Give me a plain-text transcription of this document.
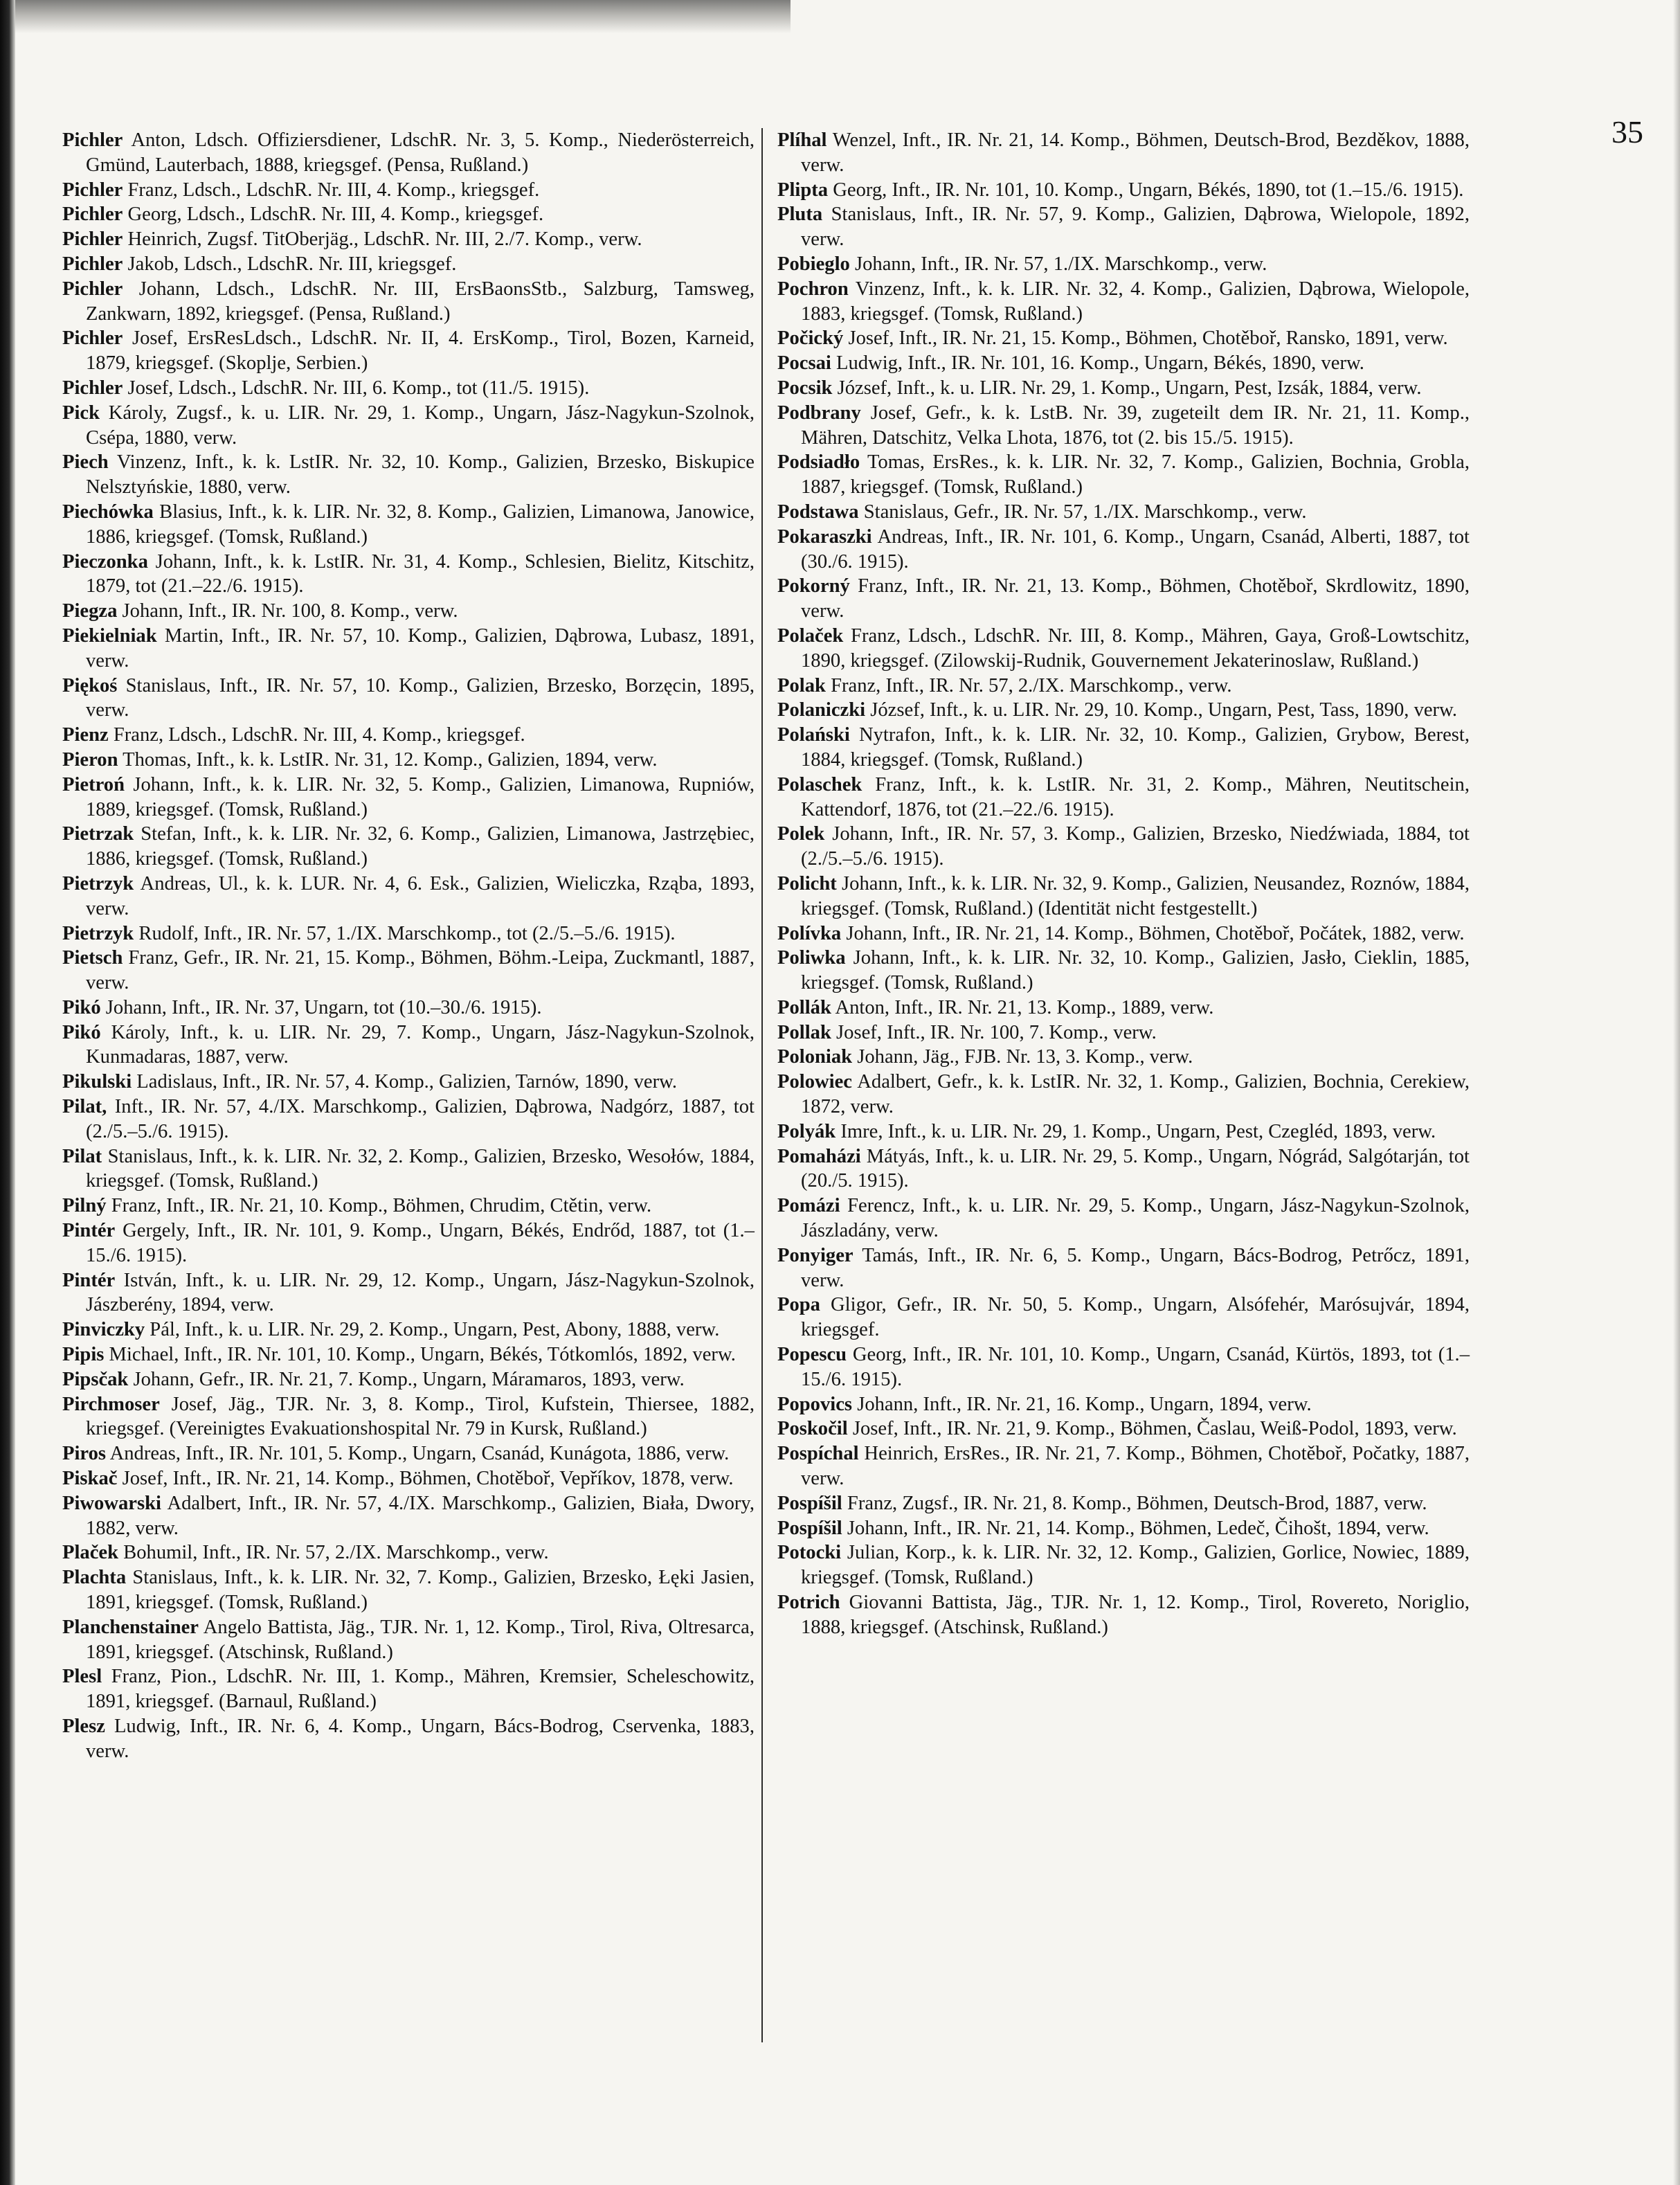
35
Pichler Anton, Ldsch. Offiziersdiener, LdschR. Nr. 3, 5. Komp., Niederösterreich, Gmünd, Lauterbach, 1888, kriegsgef. (Pensa, Rußland.)
Pichler Franz, Ldsch., LdschR. Nr. III, 4. Komp., kriegsgef.
Pichler Georg, Ldsch., LdschR. Nr. III, 4. Komp., kriegsgef.
Pichler Heinrich, Zugsf. TitOberjäg., LdschR. Nr. III, 2./7. Komp., verw.
Pichler Jakob, Ldsch., LdschR. Nr. III, kriegsgef.
Pichler Johann, Ldsch., LdschR. Nr. III, ErsBaonsStb., Salzburg, Tamsweg, Zankwarn, 1892, kriegsgef. (Pensa, Rußland.)
Pichler Josef, ErsResLdsch., LdschR. Nr. II, 4. ErsKomp., Tirol, Bozen, Karneid, 1879, kriegsgef. (Skoplje, Serbien.)
Pichler Josef, Ldsch., LdschR. Nr. III, 6. Komp., tot (11./5. 1915).
Pick Károly, Zugsf., k. u. LIR. Nr. 29, 1. Komp., Ungarn, Jász-Nagykun-Szolnok, Csépa, 1880, verw.
Piech Vinzenz, Inft., k. k. LstIR. Nr. 32, 10. Komp., Galizien, Brzesko, Biskupice Nelsztyńskie, 1880, verw.
Piechówka Blasius, Inft., k. k. LIR. Nr. 32, 8. Komp., Galizien, Limanowa, Janowice, 1886, kriegsgef. (Tomsk, Rußland.)
Pieczonka Johann, Inft., k. k. LstIR. Nr. 31, 4. Komp., Schlesien, Bielitz, Kitschitz, 1879, tot (21.–22./6. 1915).
Piegza Johann, Inft., IR. Nr. 100, 8. Komp., verw.
Piekielniak Martin, Inft., IR. Nr. 57, 10. Komp., Galizien, Dąbrowa, Lubasz, 1891, verw.
Piękoś Stanislaus, Inft., IR. Nr. 57, 10. Komp., Galizien, Brzesko, Borzęcin, 1895, verw.
Pienz Franz, Ldsch., LdschR. Nr. III, 4. Komp., kriegsgef.
Pieron Thomas, Inft., k. k. LstIR. Nr. 31, 12. Komp., Galizien, 1894, verw.
Pietroń Johann, Inft., k. k. LIR. Nr. 32, 5. Komp., Galizien, Limanowa, Rupniów, 1889, kriegsgef. (Tomsk, Rußland.)
Pietrzak Stefan, Inft., k. k. LIR. Nr. 32, 6. Komp., Galizien, Limanowa, Jastrzębiec, 1886, kriegsgef. (Tomsk, Rußland.)
Pietrzyk Andreas, Ul., k. k. LUR. Nr. 4, 6. Esk., Galizien, Wieliczka, Rząba, 1893, verw.
Pietrzyk Rudolf, Inft., IR. Nr. 57, 1./IX. Marschkomp., tot (2./5.–5./6. 1915).
Pietsch Franz, Gefr., IR. Nr. 21, 15. Komp., Böhmen, Böhm.-Leipa, Zuckmantl, 1887, verw.
Pikó Johann, Inft., IR. Nr. 37, Ungarn, tot (10.–30./6. 1915).
Pikó Károly, Inft., k. u. LIR. Nr. 29, 7. Komp., Ungarn, Jász-Nagykun-Szolnok, Kunmadaras, 1887, verw.
Pikulski Ladislaus, Inft., IR. Nr. 57, 4. Komp., Galizien, Tarnów, 1890, verw.
Pilat, Inft., IR. Nr. 57, 4./IX. Marschkomp., Galizien, Dąbrowa, Nadgórz, 1887, tot (2./5.–5./6. 1915).
Pilat Stanislaus, Inft., k. k. LIR. Nr. 32, 2. Komp., Galizien, Brzesko, Wesołów, 1884, kriegsgef. (Tomsk, Rußland.)
Pilný Franz, Inft., IR. Nr. 21, 10. Komp., Böhmen, Chrudim, Ctětin, verw.
Pintér Gergely, Inft., IR. Nr. 101, 9. Komp., Ungarn, Békés, Endrőd, 1887, tot (1.–15./6. 1915).
Pintér István, Inft., k. u. LIR. Nr. 29, 12. Komp., Ungarn, Jász-Nagykun-Szolnok, Jászberény, 1894, verw.
Pinviczky Pál, Inft., k. u. LIR. Nr. 29, 2. Komp., Ungarn, Pest, Abony, 1888, verw.
Pipis Michael, Inft., IR. Nr. 101, 10. Komp., Ungarn, Békés, Tótkomlós, 1892, verw.
Pipsčak Johann, Gefr., IR. Nr. 21, 7. Komp., Ungarn, Máramaros, 1893, verw.
Pirchmoser Josef, Jäg., TJR. Nr. 3, 8. Komp., Tirol, Kufstein, Thiersee, 1882, kriegsgef. (Vereinigtes Evakuationshospital Nr. 79 in Kursk, Rußland.)
Piros Andreas, Inft., IR. Nr. 101, 5. Komp., Ungarn, Csanád, Kunágota, 1886, verw.
Piskač Josef, Inft., IR. Nr. 21, 14. Komp., Böhmen, Chotěboř, Vepříkov, 1878, verw.
Piwowarski Adalbert, Inft., IR. Nr. 57, 4./IX. Marschkomp., Galizien, Biała, Dwory, 1882, verw.
Plaček Bohumil, Inft., IR. Nr. 57, 2./IX. Marschkomp., verw.
Plachta Stanislaus, Inft., k. k. LIR. Nr. 32, 7. Komp., Galizien, Brzesko, Łęki Jasien, 1891, kriegsgef. (Tomsk, Rußland.)
Planchenstainer Angelo Battista, Jäg., TJR. Nr. 1, 12. Komp., Tirol, Riva, Oltresarca, 1891, kriegsgef. (Atschinsk, Rußland.)
Plesl Franz, Pion., LdschR. Nr. III, 1. Komp., Mähren, Kremsier, Scheleschowitz, 1891, kriegsgef. (Barnaul, Rußland.)
Plesz Ludwig, Inft., IR. Nr. 6, 4. Komp., Ungarn, Bács-Bodrog, Cservenka, 1883, verw.
Plíhal Wenzel, Inft., IR. Nr. 21, 14. Komp., Böhmen, Deutsch-Brod, Bezděkov, 1888, verw.
Plipta Georg, Inft., IR. Nr. 101, 10. Komp., Ungarn, Békés, 1890, tot (1.–15./6. 1915).
Pluta Stanislaus, Inft., IR. Nr. 57, 9. Komp., Galizien, Dąbrowa, Wielopole, 1892, verw.
Pobieglo Johann, Inft., IR. Nr. 57, 1./IX. Marschkomp., verw.
Pochron Vinzenz, Inft., k. k. LIR. Nr. 32, 4. Komp., Galizien, Dąbrowa, Wielopole, 1883, kriegsgef. (Tomsk, Rußland.)
Počický Josef, Inft., IR. Nr. 21, 15. Komp., Böhmen, Chotěboř, Ransko, 1891, verw.
Pocsai Ludwig, Inft., IR. Nr. 101, 16. Komp., Ungarn, Békés, 1890, verw.
Pocsik József, Inft., k. u. LIR. Nr. 29, 1. Komp., Ungarn, Pest, Izsák, 1884, verw.
Podbrany Josef, Gefr., k. k. LstB. Nr. 39, zugeteilt dem IR. Nr. 21, 11. Komp., Mähren, Datschitz, Velka Lhota, 1876, tot (2. bis 15./5. 1915).
Podsiadło Tomas, ErsRes., k. k. LIR. Nr. 32, 7. Komp., Galizien, Bochnia, Grobla, 1887, kriegsgef. (Tomsk, Rußland.)
Podstawa Stanislaus, Gefr., IR. Nr. 57, 1./IX. Marschkomp., verw.
Pokaraszki Andreas, Inft., IR. Nr. 101, 6. Komp., Ungarn, Csanád, Alberti, 1887, tot (30./6. 1915).
Pokorný Franz, Inft., IR. Nr. 21, 13. Komp., Böhmen, Chotěboř, Skrdlowitz, 1890, verw.
Polaček Franz, Ldsch., LdschR. Nr. III, 8. Komp., Mähren, Gaya, Groß-Lowtschitz, 1890, kriegsgef. (Zilowskij-Rudnik, Gouvernement Jekaterinoslaw, Rußland.)
Polak Franz, Inft., IR. Nr. 57, 2./IX. Marschkomp., verw.
Polaniczki József, Inft., k. u. LIR. Nr. 29, 10. Komp., Ungarn, Pest, Tass, 1890, verw.
Polański Nytrafon, Inft., k. k. LIR. Nr. 32, 10. Komp., Galizien, Grybow, Berest, 1884, kriegsgef. (Tomsk, Rußland.)
Polaschek Franz, Inft., k. k. LstIR. Nr. 31, 2. Komp., Mähren, Neutitschein, Kattendorf, 1876, tot (21.–22./6. 1915).
Polek Johann, Inft., IR. Nr. 57, 3. Komp., Galizien, Brzesko, Niedźwiada, 1884, tot (2./5.–5./6. 1915).
Policht Johann, Inft., k. k. LIR. Nr. 32, 9. Komp., Galizien, Neusandez, Roznów, 1884, kriegsgef. (Tomsk, Rußland.) (Identität nicht festgestellt.)
Polívka Johann, Inft., IR. Nr. 21, 14. Komp., Böhmen, Chotěboř, Počátek, 1882, verw.
Poliwka Johann, Inft., k. k. LIR. Nr. 32, 10. Komp., Galizien, Jasło, Cieklin, 1885, kriegsgef. (Tomsk, Rußland.)
Pollák Anton, Inft., IR. Nr. 21, 13. Komp., 1889, verw.
Pollak Josef, Inft., IR. Nr. 100, 7. Komp., verw.
Poloniak Johann, Jäg., FJB. Nr. 13, 3. Komp., verw.
Polowiec Adalbert, Gefr., k. k. LstIR. Nr. 32, 1. Komp., Galizien, Bochnia, Cerekiew, 1872, verw.
Polyák Imre, Inft., k. u. LIR. Nr. 29, 1. Komp., Ungarn, Pest, Czegléd, 1893, verw.
Pomaházi Mátyás, Inft., k. u. LIR. Nr. 29, 5. Komp., Ungarn, Nógrád, Salgótarján, tot (20./5. 1915).
Pomázi Ferencz, Inft., k. u. LIR. Nr. 29, 5. Komp., Ungarn, Jász-Nagykun-Szolnok, Jászladány, verw.
Ponyiger Tamás, Inft., IR. Nr. 6, 5. Komp., Ungarn, Bács-Bodrog, Petrőcz, 1891, verw.
Popa Gligor, Gefr., IR. Nr. 50, 5. Komp., Ungarn, Alsófehér, Marósujvár, 1894, kriegsgef.
Popescu Georg, Inft., IR. Nr. 101, 10. Komp., Ungarn, Csanád, Kürtös, 1893, tot (1.–15./6. 1915).
Popovics Johann, Inft., IR. Nr. 21, 16. Komp., Ungarn, 1894, verw.
Poskočil Josef, Inft., IR. Nr. 21, 9. Komp., Böhmen, Časlau, Weiß-Podol, 1893, verw.
Pospíchal Heinrich, ErsRes., IR. Nr. 21, 7. Komp., Böhmen, Chotěboř, Počatky, 1887, verw.
Pospíšil Franz, Zugsf., IR. Nr. 21, 8. Komp., Böhmen, Deutsch-Brod, 1887, verw.
Pospíšil Johann, Inft., IR. Nr. 21, 14. Komp., Böhmen, Ledeč, Čihošt, 1894, verw.
Potocki Julian, Korp., k. k. LIR. Nr. 32, 12. Komp., Galizien, Gorlice, Nowiec, 1889, kriegsgef. (Tomsk, Rußland.)
Potrich Giovanni Battista, Jäg., TJR. Nr. 1, 12. Komp., Tirol, Rovereto, Noriglio, 1888, kriegsgef. (Atschinsk, Rußland.)
